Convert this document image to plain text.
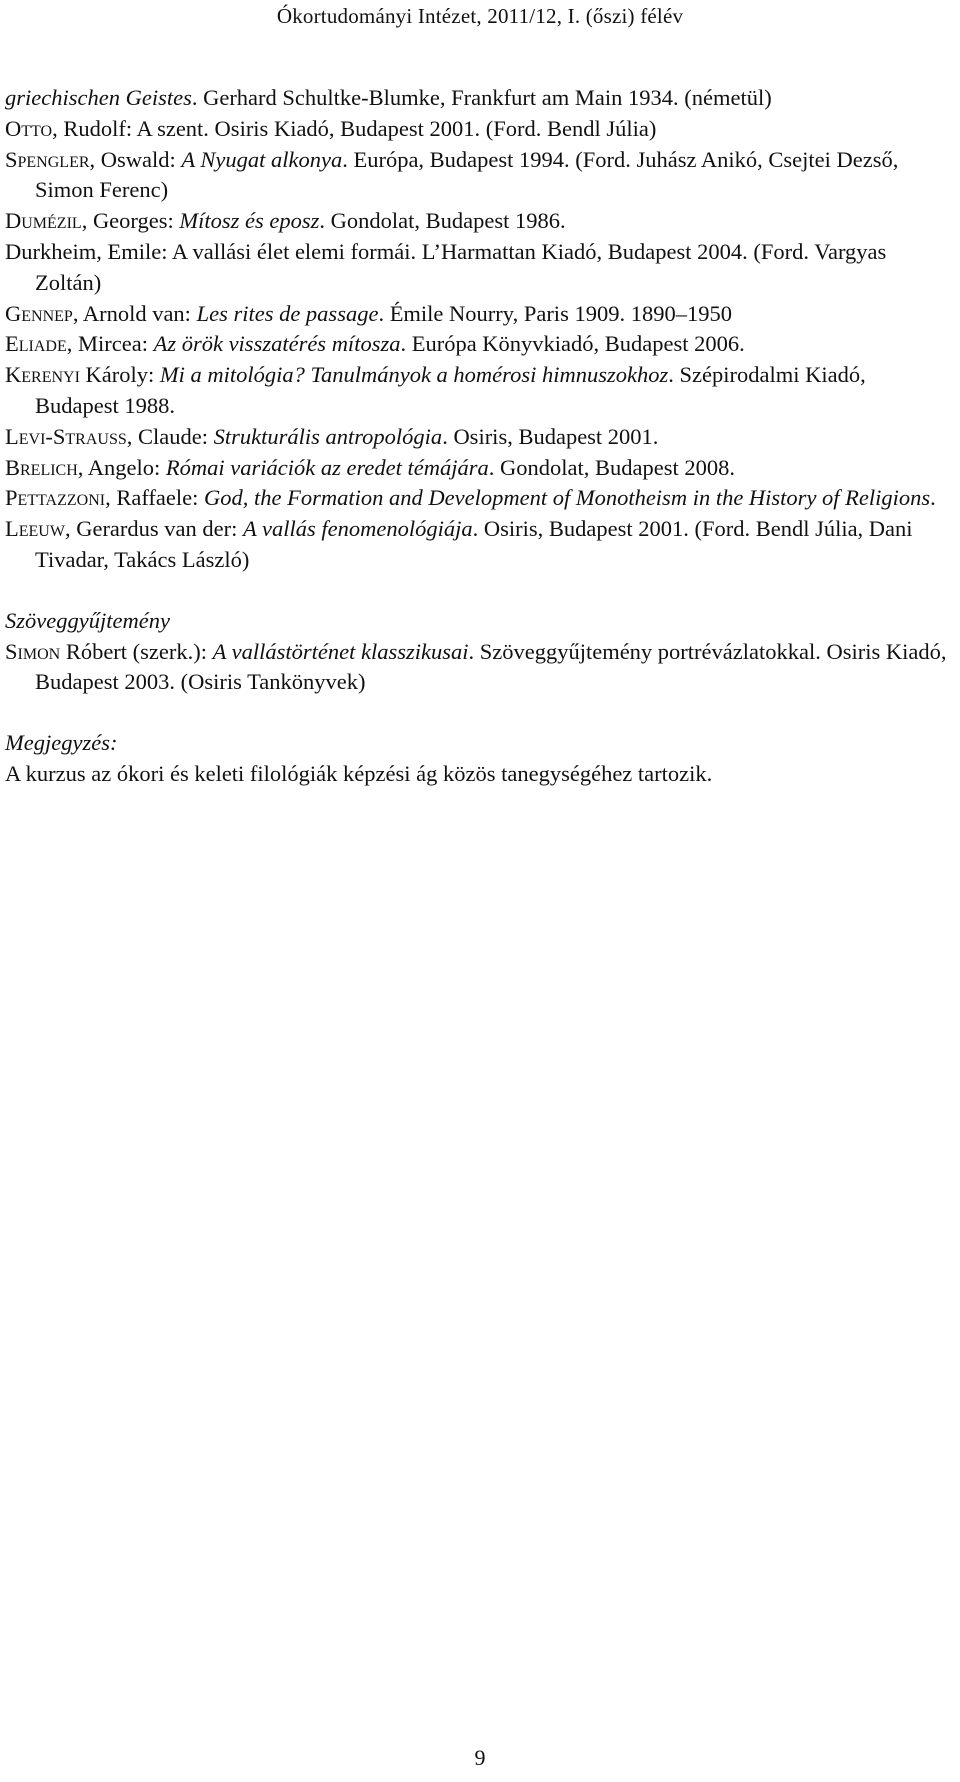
Ókortudományi Intézet, 2011/12, I. (őszi) félév
griechischen Geistes. Gerhard Schultke-Blumke, Frankfurt am Main 1934. (németül)
Otto, Rudolf: A szent. Osiris Kiadó, Budapest 2001. (Ford. Bendl Júlia)
Spengler, Oswald: A Nyugat alkonya. Európa, Budapest 1994. (Ford. Juhász Anikó, Csejtei Dezső, Simon Ferenc)
Dumézil, Georges: Mítosz és eposz. Gondolat, Budapest 1986.
Durkheim, Emile: A vallási élet elemi formái. L’Harmattan Kiadó, Budapest 2004. (Ford. Vargyas Zoltán)
Gennep, Arnold van: Les rites de passage. Émile Nourry, Paris 1909. 1890–1950
Eliade, Mircea: Az örök visszatérés mítosza. Európa Könyvkiadó, Budapest 2006.
Kerenyi Károly: Mi a mitológia? Tanulmányok a homérosi himnuszokhoz. Szépirodalmi Kiadó, Budapest 1988.
Levi-Strauss, Claude: Strukturális antropológia. Osiris, Budapest 2001.
Brelich, Angelo: Római variációk az eredet témájára. Gondolat, Budapest 2008.
Pettazzoni, Raffaele: God, the Formation and Development of Monotheism in the History of Religions.
Leeuw, Gerardus van der: A vallás fenomenológiája. Osiris, Budapest 2001. (Ford. Bendl Júlia, Dani Tivadar, Takács László)
Szöveggyűjtemény
Simon Róbert (szerk.): A vallástörténet klasszikusai. Szöveggyűjtemény portrévázlatokkal. Osiris Kiadó, Budapest 2003. (Osiris Tankönyvek)
Megjegyzés:
A kurzus az ókori és keleti filológiák képzési ág közös tanegységéhez tartozik.
9
